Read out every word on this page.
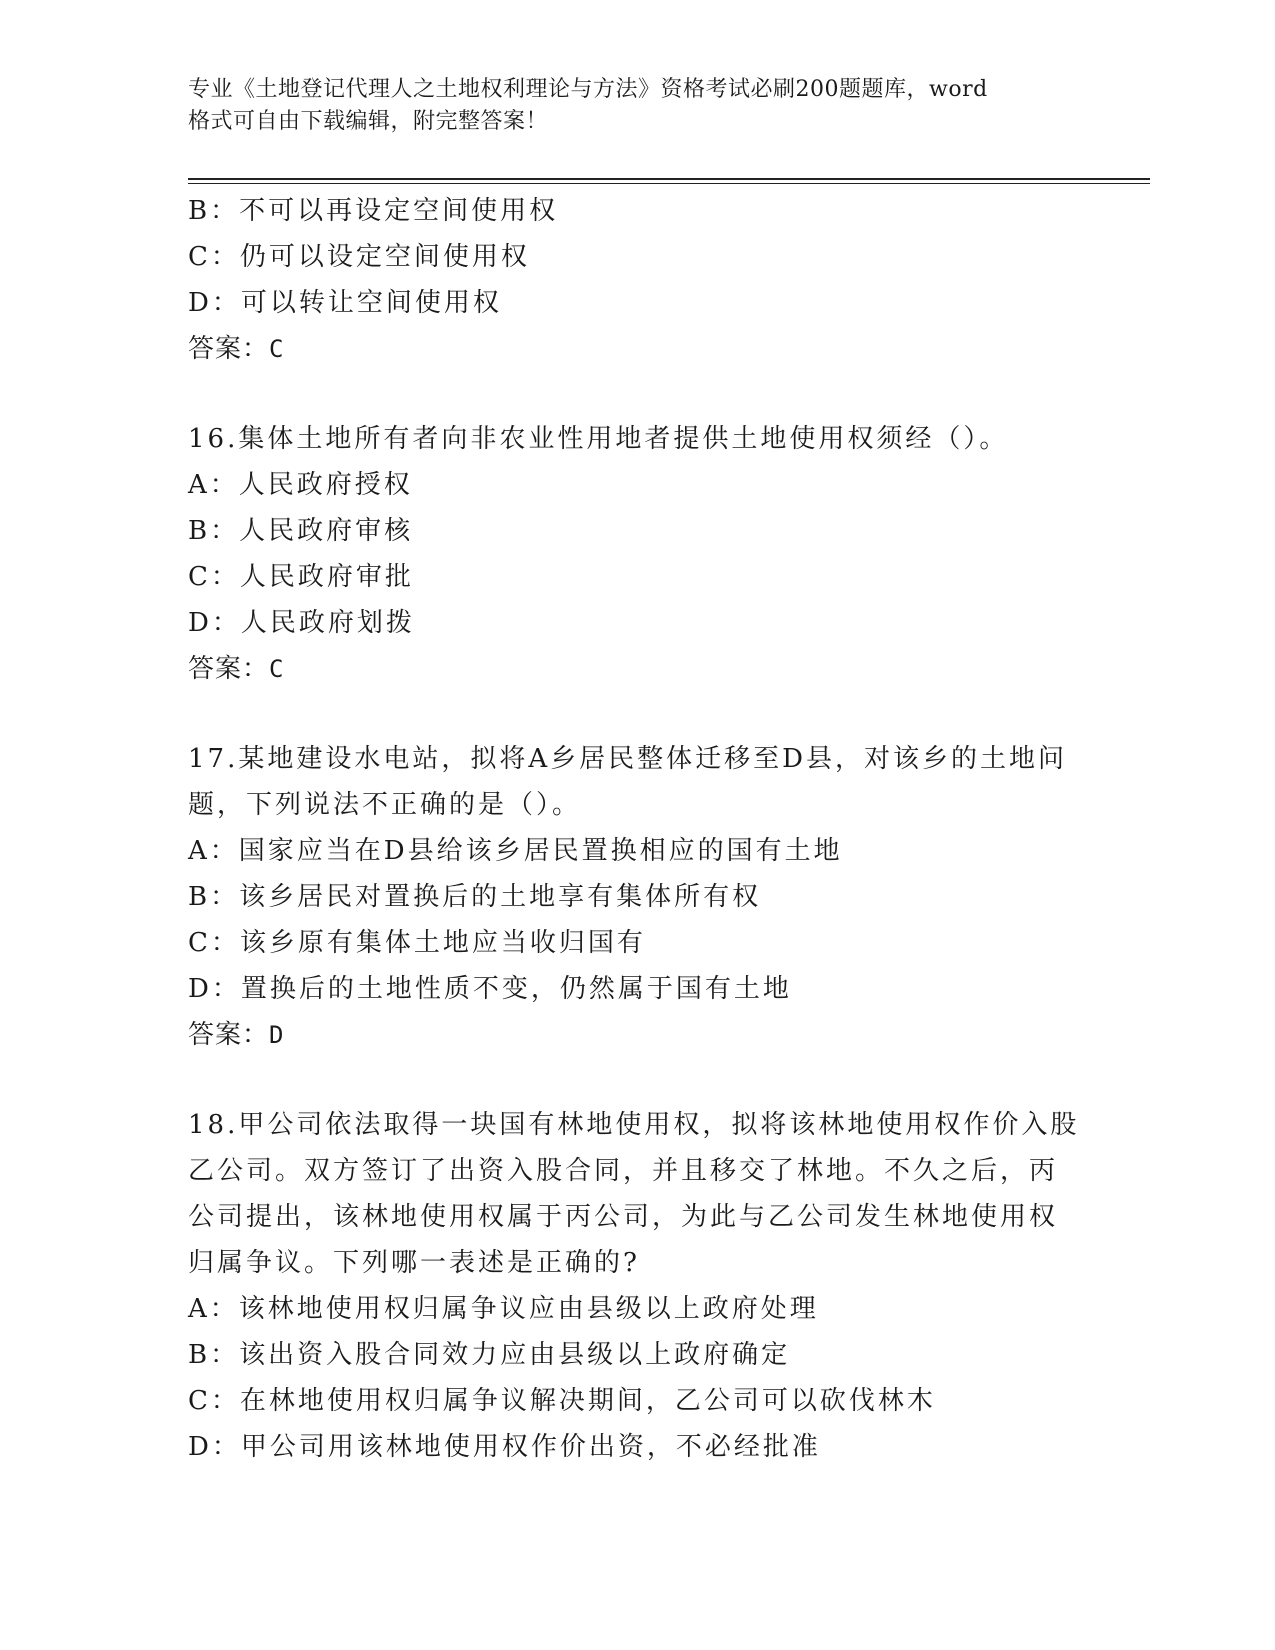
专业《土地登记代理人之土地权利理论与方法》资格考试必刷200题题库，word
格式可自由下载编辑，附完整答案！
B：不可以再设定空间使用权
C：仍可以设定空间使用权
D：可以转让空间使用权
答案：C
16.集体土地所有者向非农业性用地者提供土地使用权须经（）。
A：人民政府授权
B：人民政府审核
C：人民政府审批
D：人民政府划拨
答案：C
17.某地建设水电站，拟将A乡居民整体迁移至D县，对该乡的土地问
题，下列说法不正确的是（）。
A：国家应当在D县给该乡居民置换相应的国有土地
B：该乡居民对置换后的土地享有集体所有权
C：该乡原有集体土地应当收归国有
D：置换后的土地性质不变，仍然属于国有土地
答案：D
18.甲公司依法取得一块国有林地使用权，拟将该林地使用权作价入股
乙公司。双方签订了出资入股合同，并且移交了林地。不久之后，丙
公司提出，该林地使用权属于丙公司，为此与乙公司发生林地使用权
归属争议。下列哪一表述是正确的?
A：该林地使用权归属争议应由县级以上政府处理
B：该出资入股合同效力应由县级以上政府确定
C：在林地使用权归属争议解决期间，乙公司可以砍伐林木
D：甲公司用该林地使用权作价出资，不必经批准
